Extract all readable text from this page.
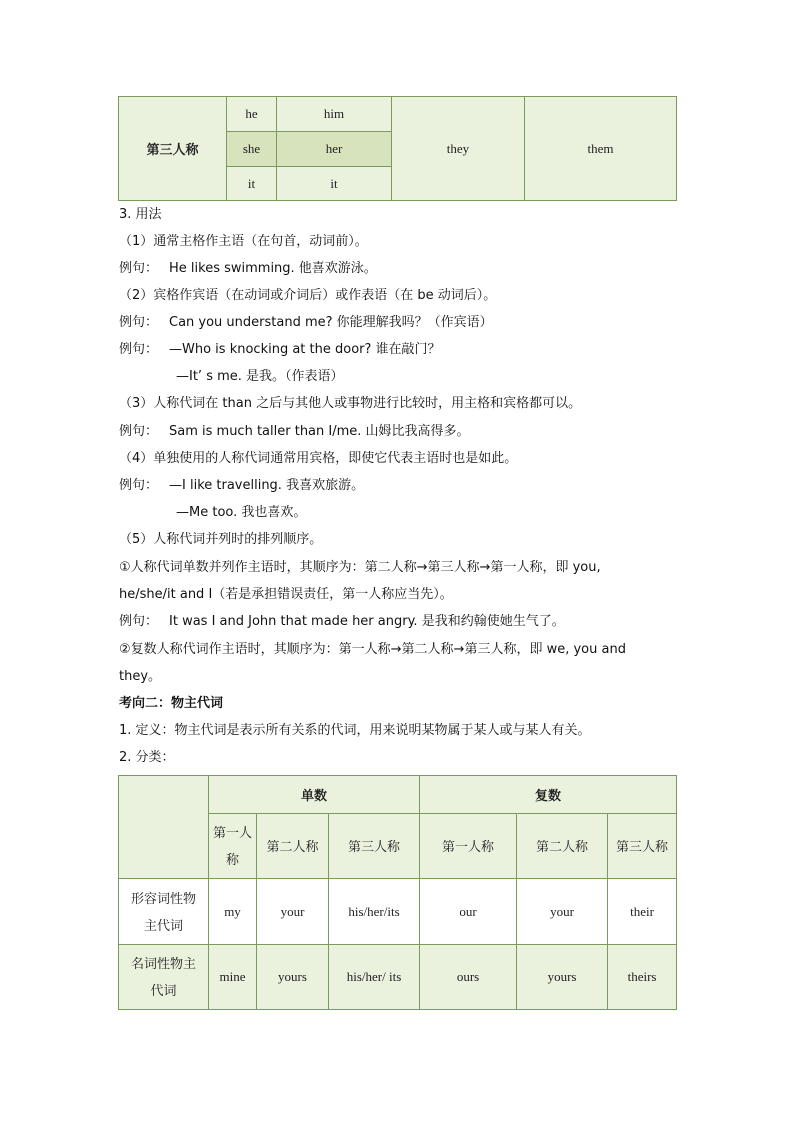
第三人称	he	him	they	them
	she	her		
	it	it		
3. 用法
（1）通常主格作主语（在句首，动词前）。
例句： He likes swimming. 他喜欢游泳。
（2）宾格作宾语（在动词或介词后）或作表语（在 be 动词后）。
例句： Can you understand me? 你能理解我吗？（作宾语）
例句： —Who is knocking at the door? 谁在敲门？
—It’ s me. 是我。（作表语）
（3）人称代词在 than 之后与其他人或事物进行比较时，用主格和宾格都可以。
例句： Sam is much taller than I/me. 山姆比我高得多。
（4）单独使用的人称代词通常用宾格，即使它代表主语时也是如此。
例句： —I like travelling. 我喜欢旅游。
—Me too. 我也喜欢。
（5）人称代词并列时的排列顺序。
①人称代词单数并列作主语时，其顺序为：第二人称→第三人称→第一人称，即 you,
he/she/it and I（若是承担错误责任，第一人称应当先）。
例句： It was I and John that made her angry. 是我和约翰使她生气了。
②复数人称代词作主语时，其顺序为：第一人称→第二人称→第三人称，即 we, you and
they。
考向二：物主代词
1. 定义：物主代词是表示所有关系的代词，用来说明某物属于某人或与某人有关。
2. 分类：
	单数			复数		
	第一人称	第二人称	第三人称	第一人称	第二人称	第三人称
形容词性物主代词	my	your	his/her/its	our	your	their
名词性物主代词	mine	yours	his/her/ its	ours	yours	theirs
